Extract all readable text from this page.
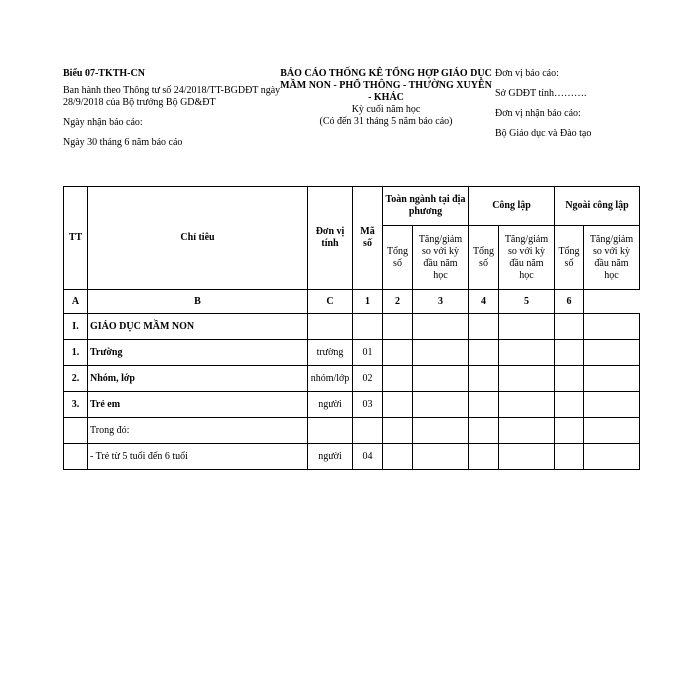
Biểu 07-TKTH-CN
Ban hành theo Thông tư số 24/2018/TT-BGDĐT ngày 28/9/2018 của Bộ trưởng Bộ GD&ĐT
Ngày nhận báo cáo:
Ngày 30 tháng 6 năm báo cáo
BÁO CÁO THỐNG KÊ TỔNG HỢP GIÁO DỤC MẦM NON - PHỔ THÔNG - THƯỜNG XUYÊN - KHÁC
Kỳ cuối năm học
(Có đến 31 tháng 5 năm báo cáo)
Đơn vị báo cáo:
Sở GDĐT tỉnh……….
Đơn vị nhận báo cáo:
Bộ Giáo dục và Đào tạo
TT	Chỉ tiêu	Đơn vị tính	Mã số	Toàn ngành tại địa phương		Công lập		Ngoài công lập	
				Tổng số	Tăng/giảm so với kỳ đầu năm học	Tổng số	Tăng/giảm so với kỳ đầu năm học	Tổng số	Tăng/giảm so với kỳ đầu năm học
A	B	C	1	2	3	4	5	6	
I.	GIÁO DỤC MẦM NON								
1.	Trường	trường	01						
2.	Nhóm, lớp	nhóm/lớp	02						
3.	Trẻ em	người	03						
	Trong đó:								
	- Trẻ từ 5 tuổi đến 6 tuổi	người	04						
